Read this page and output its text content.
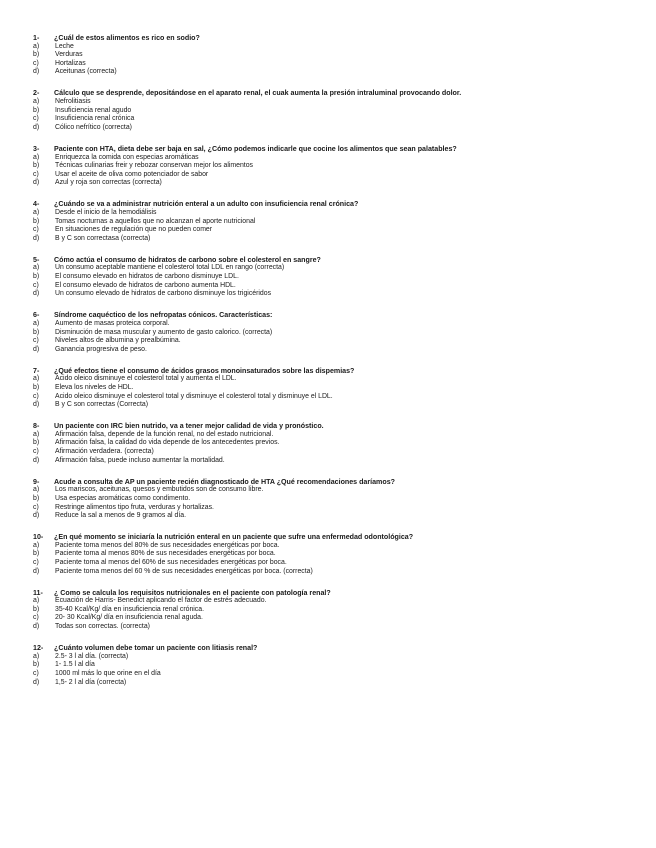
1-	¿Cuál de estos alimentos es rico en sodio?
a)	Leche
b)	Verduras
c)	Hortalizas
d)	Aceitunas (correcta)
2-	Cálculo que se desprende, depositándose en el aparato renal, el cuak aumenta la presión intraluminal provocando dolor.
a)	Nefrolitiasis
b)	Insuficiencia renal agudo
c)	Insuficiencia renal crónica
d)	Cólico nefrítico (correcta)
3-	Paciente con HTA, dieta debe ser baja en sal, ¿Cómo podemos indicarle que cocine los alimentos que sean palatables?
a)	Enriquezca la comida con especias aromáticas
b)	Técnicas culinarias freir y rebozar conservan mejor los alimentos
c)	Usar el aceite de oliva como potenciador de sabor
d)	Azul y roja son correctas (correcta)
4-	¿Cuándo se va a administrar nutrición enteral a un adulto con insuficiencia renal crónica?
a)	Desde el inicio de la hemodiálisis
b)	Tomas nocturnas a aquellos que no alcanzan el aporte nutricional
c)	En situaciones de regulación que no pueden comer
d)	B y C son correctasa (correcta)
5-	Cómo actúa el consumo de hidratos de carbono sobre el colesterol en sangre?
a)	Un consumo aceptable mantiene el colesterol total LDL en rango (correcta)
b)	El consumo elevado en hidratos de carbono disminuye LDL.
c)	El consumo elevado de hidratos de carbono aumenta HDL.
d)	Un consumo elevado de hidratos de carbono disminuye los trigicéridos
6-	Síndrome caquéctico de los nefropatas cónicos. Características:
a)	Aumento de masas proteica corporal.
b)	Disminución de masa muscular y aumento de gasto calorico. (correcta)
c)	Niveles altos de albumina y prealbúmina.
d)	Ganancia progresiva de peso.
7-	¿Qué efectos tiene el consumo de ácidos grasos monoinsaturados sobre las dispemias?
a)	Acido oleico disminuye el colesterol total y aumenta el LDL.
b)	Eleva los niveles de HDL.
c)	Acido oleico disminuye el colesterol total y disminuye el colesterol total y disminuye el LDL.
d)	B y C son correctas (Correcta)
8-	Un paciente con IRC bien nutrido, va a tener mejor calidad de vida y pronóstico.
a)	Afirmación falsa, depende de la función renal, no del estado nutricional.
b)	Afirmación falsa, la calidad do vida depende de los antecedentes previos.
c)	Afirmación verdadera. (correcta)
d)	Afirmación falsa, puede incluso aumentar la mortalidad.
9-	Acude a consulta de AP un paciente recién diagnosticado de HTA ¿Qué recomendaciones daríamos?
a)	Los mariscos, aceitunas, quesos y embutidos son de consumo libre.
b)	Usa especias aromáticas como condimento.
c)	Restringe alimentos tipo fruta, verduras y hortalizas.
d)	Reduce la sal a menos de 9 gramos al día.
10-	¿En qué momento se iniciaría la nutrición enteral en un paciente que sufre una enfermedad odontológica?
a)	Paciente toma menos del 80% de sus necesidades energéticas por boca.
b)	Paciente toma al menos 80% de sus necesidades energéticas por boca.
c)	Paciente toma al menos del 60% de sus necesidades energéticas por boca.
d)	Paciente toma menos del 60 % de sus necesidades energéticas por boca. (correcta)
11-	¿ Como se calcula los requisitos nutricionales en el paciente con patología renal?
a)	Ecuación de Harris- Benedict aplicando el factor de estrés adecuado.
b)	35-40 Kcal/Kg/ día en insuficiencia renal crónica.
c)	20- 30 Kcal/Kg/ día en insuficiencia renal aguda.
d)	Todas son correctas. (correcta)
12-	¿Cuánto volumen debe tomar un paciente con litiasis renal?
a)	2.5- 3 l al día. (correcta)
b)	1- 1.5 l al día
c)	1000 ml más lo que orine en el día
d)	1,5- 2 l al día (correcta)
